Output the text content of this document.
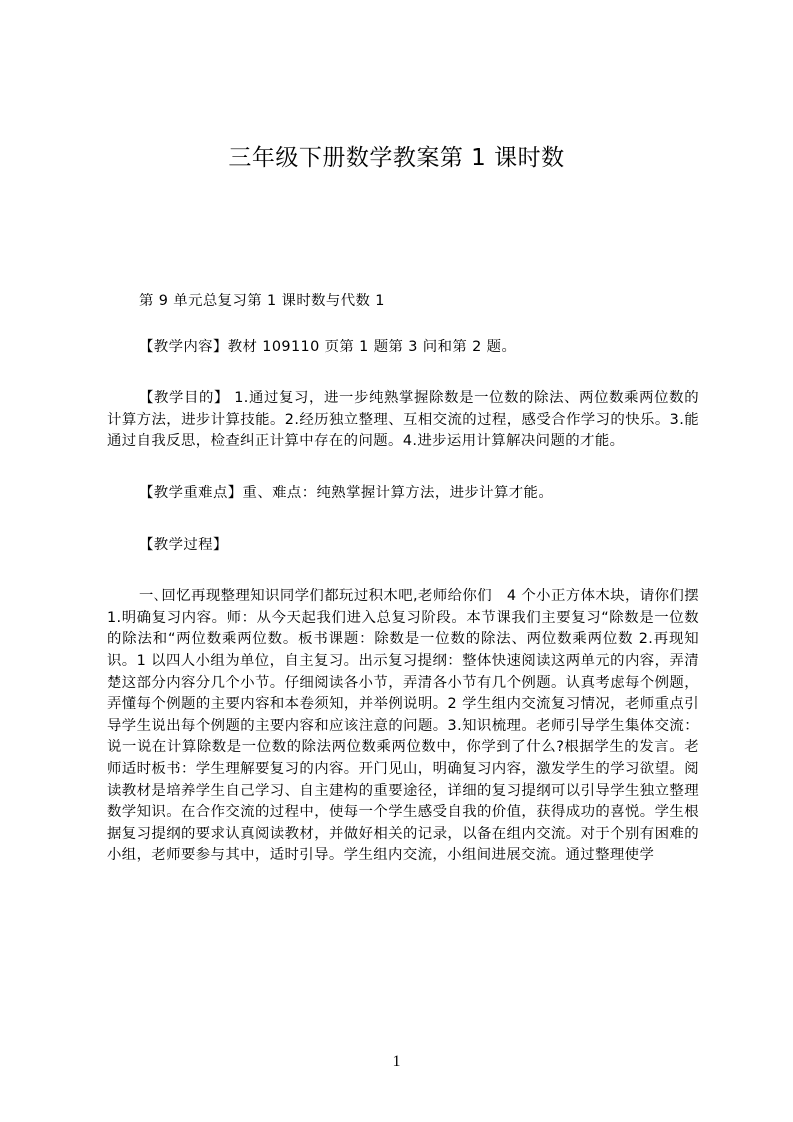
三年级下册数学教案第 1 课时数

第 9 单元总复习第 1 课时数与代数 1

【教学内容】教材 109110 页第 1 题第 3 问和第 2 题。

【教学目的】 1.通过复习，进一步纯熟掌握除数是一位数的除法、两位数乘两位数的计算方法，进步计算技能。2.经历独立整理、互相交流的过程，感受合作学习的快乐。3.能通过自我反思，检查纠正计算中存在的问题。4.进步运用计算解决问题的才能。

【教学重难点】重、难点：纯熟掌握计算方法，进步计算才能。

【教学过程】

一､回忆再现整理知识同学们都玩过积木吧,老师给你们　4 个小正方体木块，请你们摆 1.明确复习内容。师：从今天起我们进入总复习阶段。本节课我们主要复习“除数是一位数的除法和“两位数乘两位数。板书课题：除数是一位数的除法、两位数乘两位数 2.再现知识。1 以四人小组为单位，自主复习。出示复习提纲：整体快速阅读这两单元的内容，弄清楚这部分内容分几个小节。仔细阅读各小节，弄清各小节有几个例题。认真考虑每个例题，弄懂每个例题的主要内容和本卷须知，并举例说明。2 学生组内交流复习情况，老师重点引导学生说出每个例题的主要内容和应该注意的问题。3.知识梳理。老师引导学生集体交流：说一说在计算除数是一位数的除法两位数乘两位数中，你学到了什么?根据学生的发言。老师适时板书：学生理解要复习的内容。开门见山，明确复习内容，激发学生的学习欲望。阅读教材是培养学生自己学习、自主建构的重要途径，详细的复习提纲可以引导学生独立整理数学知识。在合作交流的过程中，使每一个学生感受自我的价值，获得成功的喜悦。学生根据复习提纲的要求认真阅读教材，并做好相关的记录，以备在组内交流。对于个别有困难的小组，老师要参与其中，适时引导。学生组内交流，小组间进展交流。通过整理使学

1
